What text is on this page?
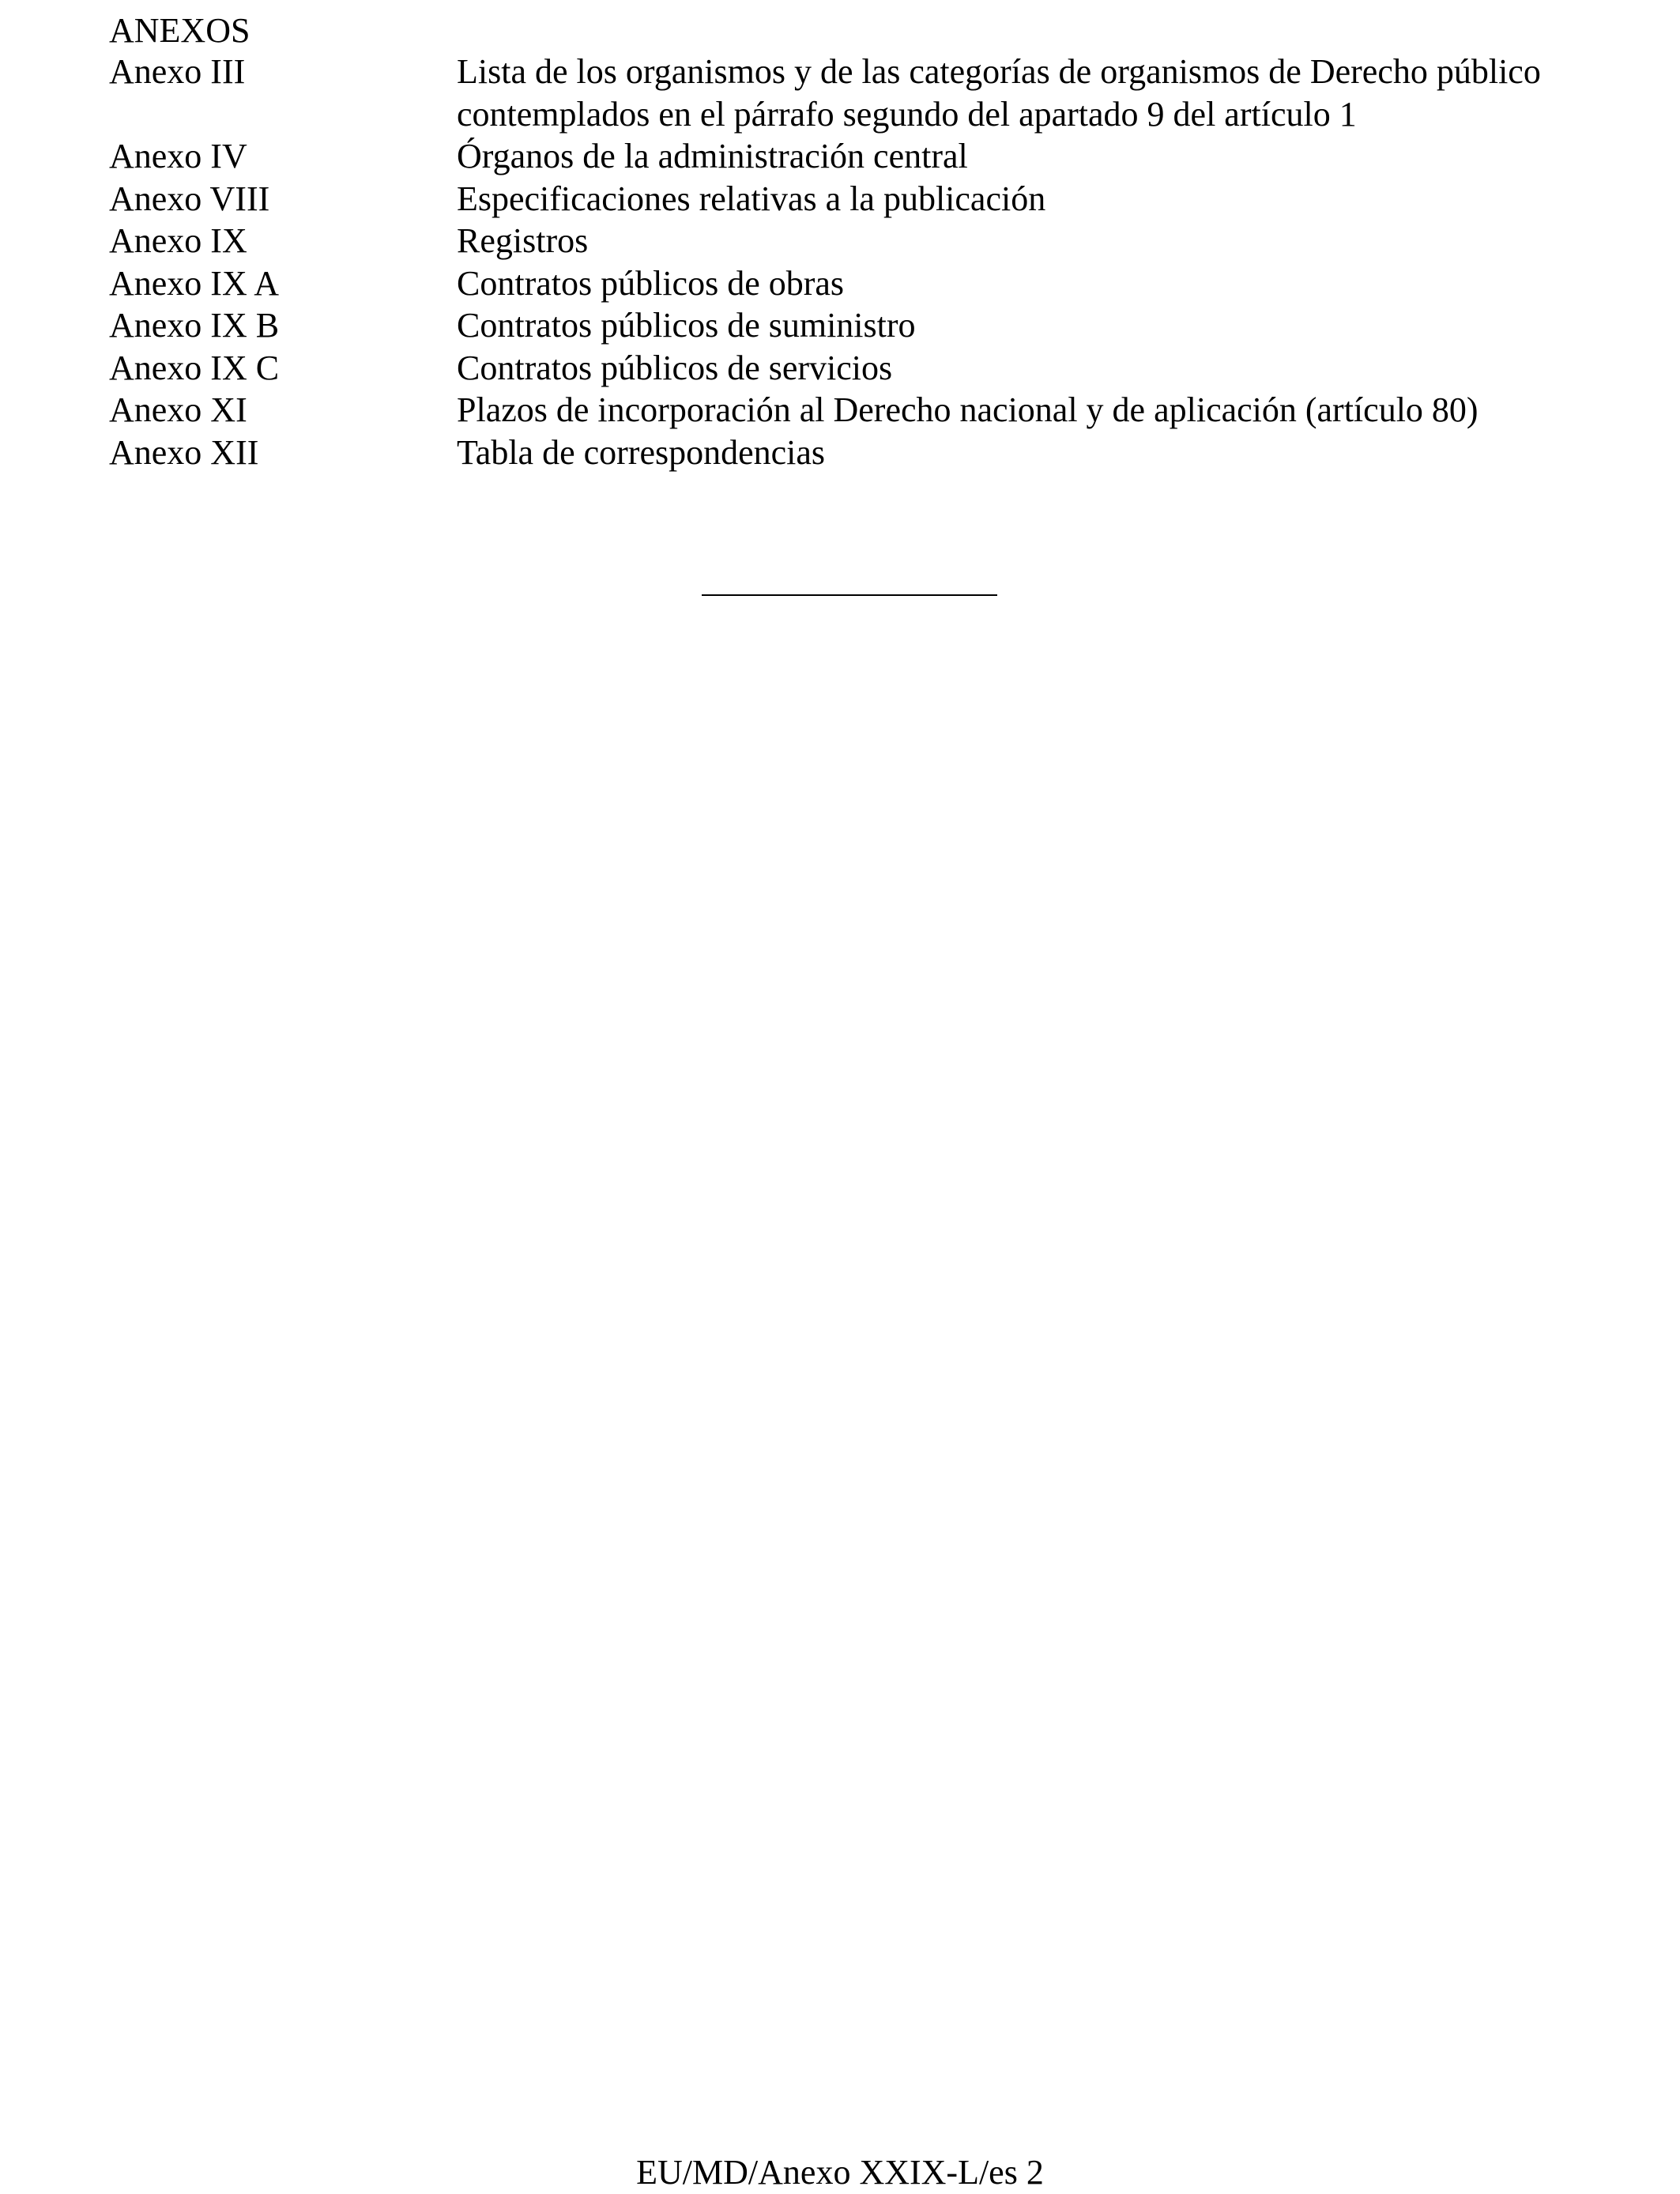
ANEXOS
Anexo III	Lista de los organismos y de las categorías de organismos de Derecho público contemplados en el párrafo segundo del apartado 9 del artículo 1
Anexo IV	Órganos de la administración central
Anexo VIII	Especificaciones relativas a la publicación
Anexo IX	Registros
Anexo IX A	Contratos públicos de obras
Anexo IX B	Contratos públicos de suministro
Anexo IX C	Contratos públicos de servicios
Anexo XI	Plazos de incorporación al Derecho nacional y de aplicación (artículo 80)
Anexo XII	Tabla de correspondencias
EU/MD/Anexo XXIX-L/es 2
